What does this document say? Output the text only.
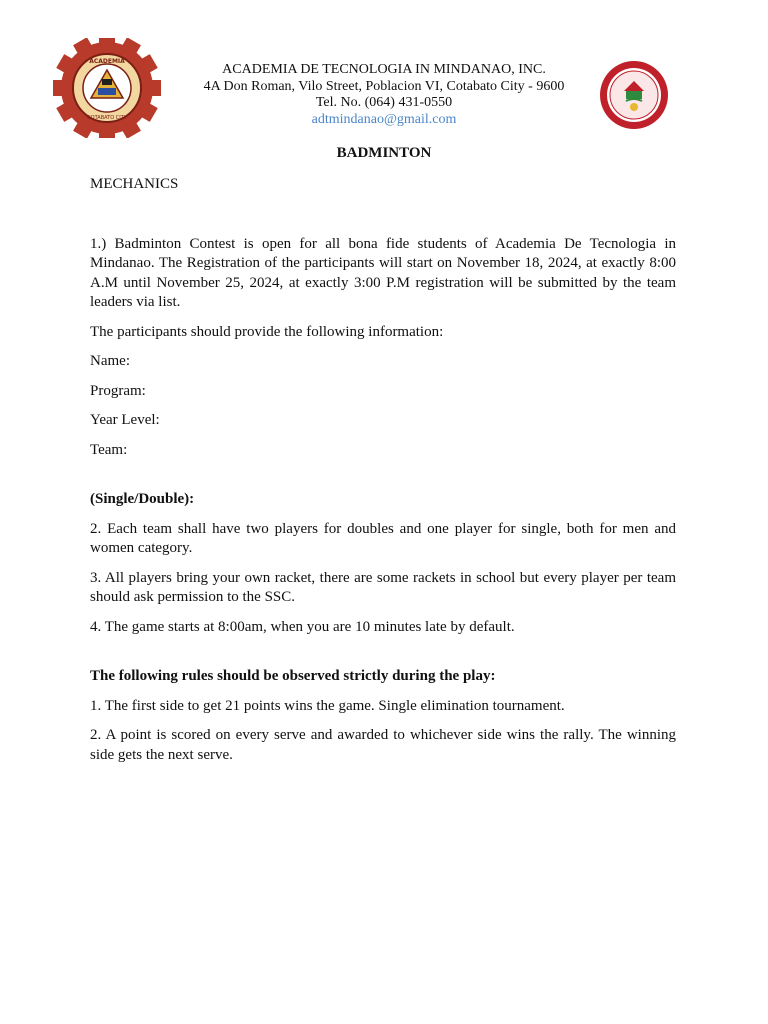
ACADEMIA
COTABATO CITY
ACADEMIA DE TECNOLOGIA IN MINDANAO, INC.
4A Don Roman, Vilo Street, Poblacion VI, Cotabato City - 9600
Tel. No. (064) 431-0550
adtmindanao@gmail.com
BADMINTON

MECHANICS

1.) Badminton Contest is open for all bona fide students of Academia De Tecnologia in Mindanao. The Registration of the participants will start on November 18, 2024, at exactly 8:00 A.M until November 25, 2024, at exactly 3:00 P.M registration will be submitted by the team leaders via list.

The participants should provide the following information:

Name:

Program:

Year Level:

Team:

(Single/Double):

2. Each team shall have two players for doubles and one player for single, both for men and women category.

3. All players bring your own racket, there are some rackets in school but every player per team should ask permission to the SSC.

4. The game starts at 8:00am, when you are 10 minutes late by default.

The following rules should be observed strictly during the play:

1. The first side to get 21 points wins the game. Single elimination tournament.

2. A point is scored on every serve and awarded to whichever side wins the rally. The winning side gets the next serve.
